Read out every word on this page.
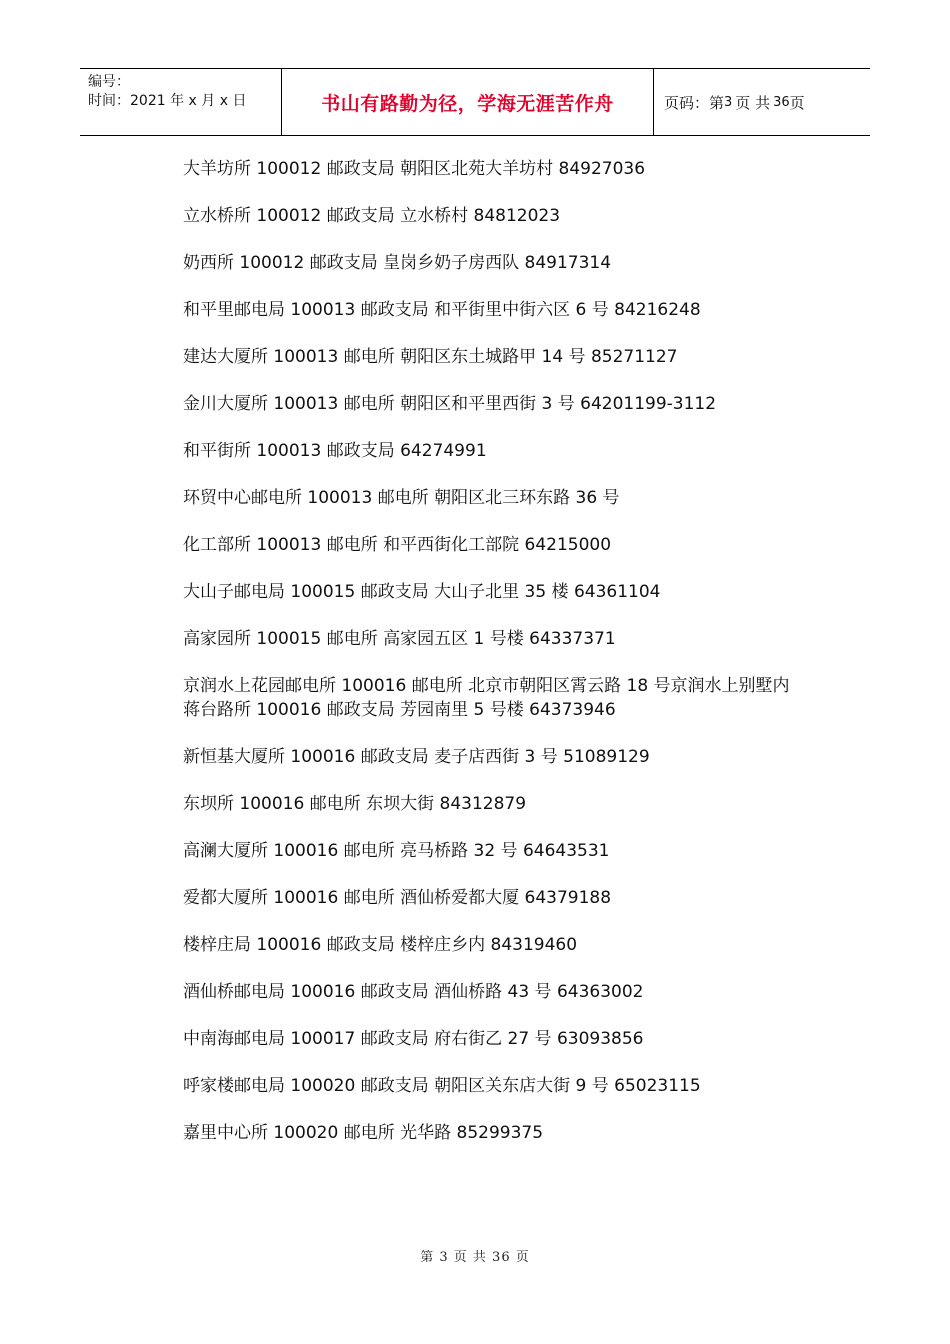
编号：
时间：2021 年 x 月 x 日	书山有路勤为径，学海无涯苦作舟	页码：第 3 页 共 36 页

大羊坊所 100012 邮政支局 朝阳区北苑大羊坊村 84927036

立水桥所 100012 邮政支局 立水桥村 84812023

奶西所 100012 邮政支局 皇岗乡奶子房西队 84917314

和平里邮电局 100013 邮政支局 和平街里中街六区 6 号 84216248

建达大厦所 100013 邮电所 朝阳区东土城路甲 14 号 85271127

金川大厦所 100013 邮电所 朝阳区和平里西街 3 号 64201199-3112

和平街所 100013 邮政支局 64274991

环贸中心邮电所 100013 邮电所 朝阳区北三环东路 36 号

化工部所 100013 邮电所 和平西街化工部院 64215000

大山子邮电局 100015 邮政支局 大山子北里 35 楼 64361104

高家园所 100015 邮电所 高家园五区 1 号楼 64337371

京润水上花园邮电所 100016 邮电所 北京市朝阳区霄云路 18 号京润水上别墅内

蒋台路所 100016 邮政支局 芳园南里 5 号楼 64373946

新恒基大厦所 100016 邮政支局 麦子店西街 3 号 51089129

东坝所 100016 邮电所 东坝大街 84312879

高澜大厦所 100016 邮电所 亮马桥路 32 号 64643531

爱都大厦所 100016 邮电所 酒仙桥爱都大厦 64379188

楼梓庄局 100016 邮政支局 楼梓庄乡内 84319460

酒仙桥邮电局 100016 邮政支局 酒仙桥路 43 号 64363002

中南海邮电局 100017 邮政支局 府右街乙 27 号 63093856

呼家楼邮电局 100020 邮政支局 朝阳区关东店大街 9 号 65023115

嘉里中心所 100020 邮电所 光华路 85299375

第 3 页 共 36 页
